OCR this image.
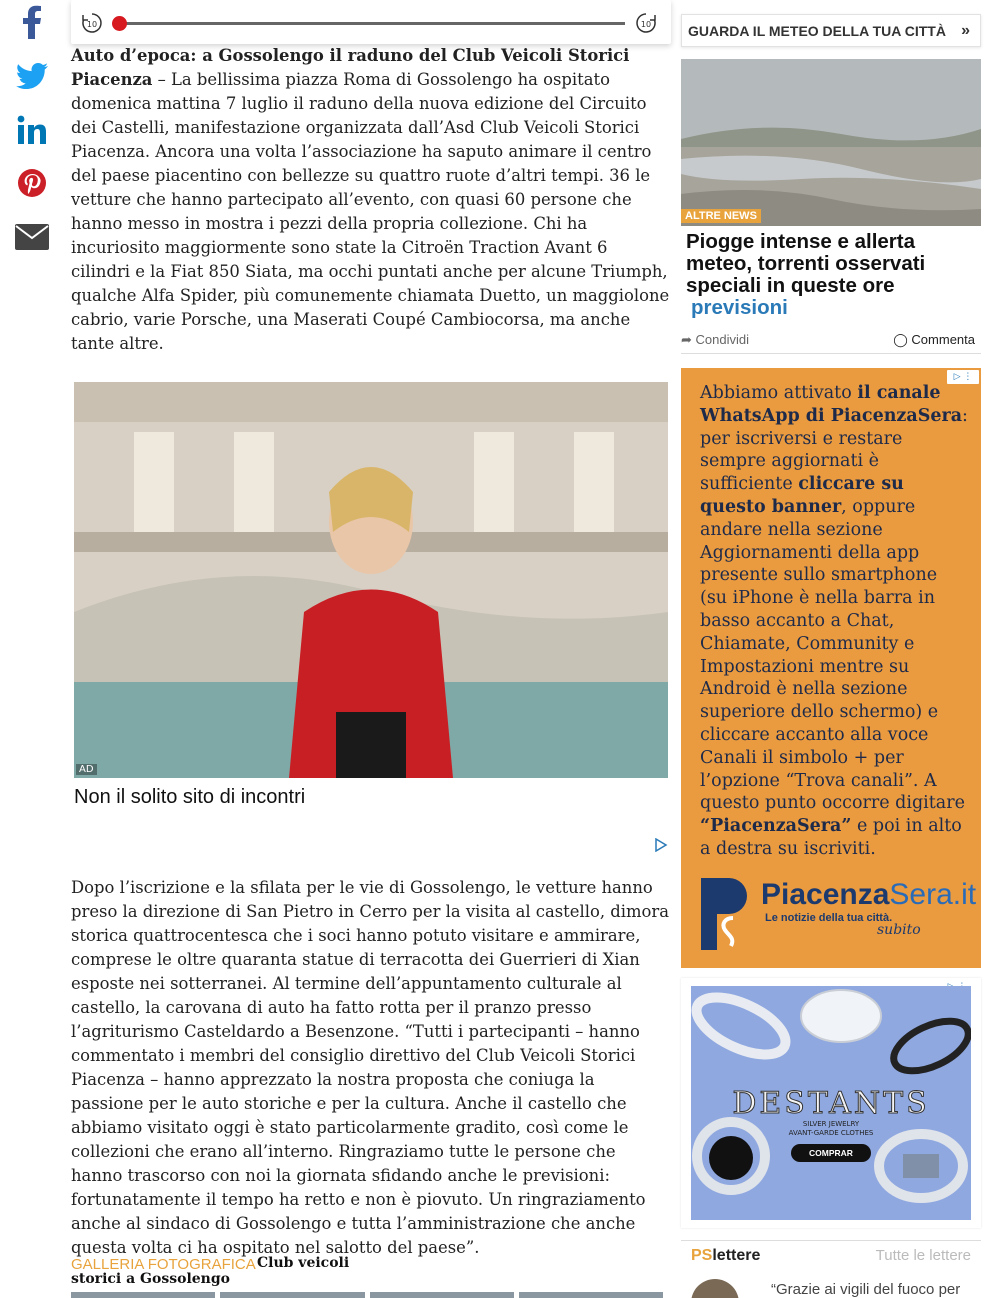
10	10

Auto d’epoca: a Gossolengo il raduno del Club Veicoli Storici Piacenza – La bellissima piazza Roma di Gossolengo ha ospitato domenica mattina 7 luglio il raduno della nuova edizione del Circuito dei Castelli, manifestazione organizzata dall’Asd Club Veicoli Storici Piacenza. Ancora una volta l’associazione ha saputo animare il centro del paese piacentino con bellezze su quattro ruote d’altri tempi. 36 le vetture che hanno partecipato all’evento, con quasi 60 persone che hanno messo in mostra i pezzi della propria collezione. Chi ha incuriosito maggiormente sono state la Citroën Traction Avant 6 cilindri e la Fiat 850 Siata, ma occhi puntati anche per alcune Triumph, qualche Alfa Spider, più comunemente chiamata Duetto, un maggiolone cabrio, varie Porsche, una Maserati Coupé Cambiocorsa, ma anche tante altre.

AD
Non il solito sito di incontri

Dopo l’iscrizione e la sfilata per le vie di Gossolengo, le vetture hanno preso la direzione di San Pietro in Cerro per la visita al castello, dimora storica quattrocentesca che i soci hanno potuto visitare e ammirare, comprese le oltre quaranta statue di terracotta dei Guerrieri di Xian esposte nei sotterranei. Al termine dell’appuntamento culturale al castello, la carovana di auto ha fatto rotta per il pranzo presso l’agriturismo Casteldardo a Besenzone. “Tutti i partecipanti – hanno commentato i membri del consiglio direttivo del Club Veicoli Storici Piacenza – hanno apprezzato la nostra proposta che coniuga la passione per le auto storiche e per la cultura. Anche il castello che abbiamo visitato oggi è stato particolarmente gradito, così come le collezioni che erano all’interno. Ringraziamo tutte le persone che hanno trascorso con noi la giornata sfidando anche le previsioni: fortunatamente il tempo ha retto e non è piovuto. Un ringraziamento anche al sindaco di Gossolengo e tutta l’amministrazione che anche questa volta ci ha ospitato nel salotto del paese”.

GALLERIA FOTOGRAFICA Club veicoli
storici a Gossolengo
GUARDA IL METEO DELLA TUA CITTÀ »
ALTRE NEWS
Piogge intense e allerta meteo, torrenti osservati speciali in queste ore
previsioni
➦ Condividi	◯ Commenta
▷ ⋮
Abbiamo attivato il canale WhatsApp di PiacenzaSera: per iscriversi e restare sempre aggiornati è sufficiente cliccare su questo banner, oppure andare nella sezione Aggiornamenti della app presente sullo smartphone (su iPhone è nella barra in basso accanto a Chat, Chiamate, Community e Impostazioni mentre su Android è nella sezione superiore dello schermo) e cliccare accanto alla voce Canali il simbolo + per l’opzione “Trova canali”. A questo punto occorre digitare “PiacenzaSera” e poi in alto a destra su iscriviti.
PiacenzaSera.it
Le notizie della tua città.
subito
DESTANTS
SILVER JEWELRY
AVANT-GARDE CLOTHES
COMPRAR
PSlettere	Tutte le lettere
“Grazie ai vigili del fuoco per
